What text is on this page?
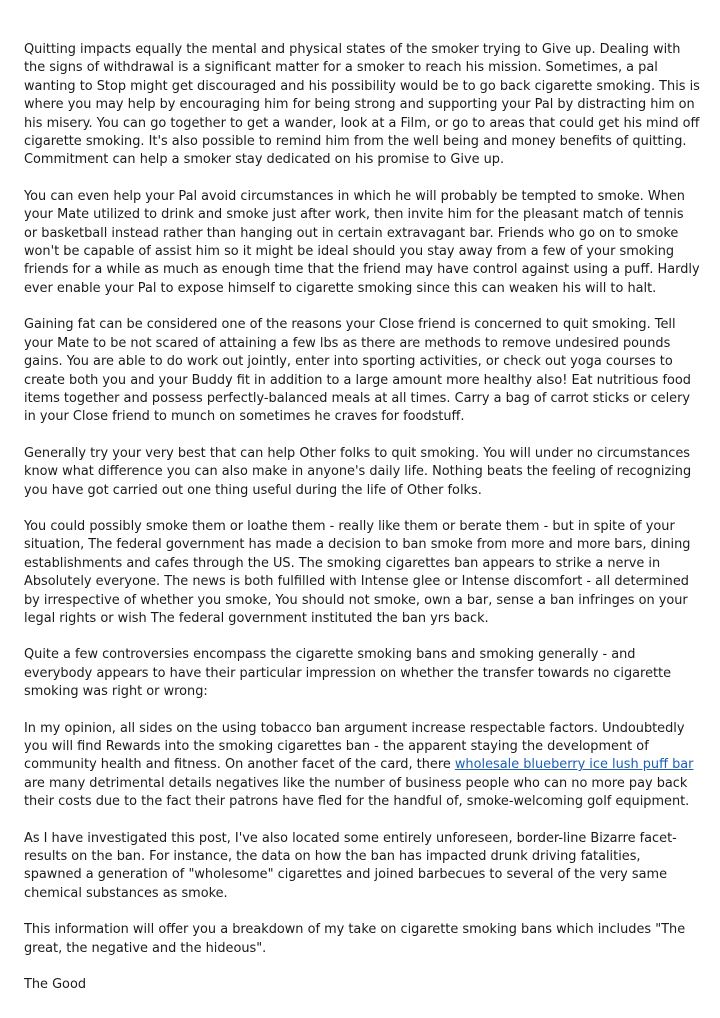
Quitting impacts equally the mental and physical states of the smoker trying to Give up. Dealing with the signs of withdrawal is a significant matter for a smoker to reach his mission. Sometimes, a pal wanting to Stop might get discouraged and his possibility would be to go back cigarette smoking. This is where you may help by encouraging him for being strong and supporting your Pal by distracting him on his misery. You can go together to get a wander, look at a Film, or go to areas that could get his mind off cigarette smoking. It's also possible to remind him from the well being and money benefits of quitting. Commitment can help a smoker stay dedicated on his promise to Give up.

You can even help your Pal avoid circumstances in which he will probably be tempted to smoke. When your Mate utilized to drink and smoke just after work, then invite him for the pleasant match of tennis or basketball instead rather than hanging out in certain extravagant bar. Friends who go on to smoke won't be capable of assist him so it might be ideal should you stay away from a few of your smoking friends for a while as much as enough time that the friend may have control against using a puff. Hardly ever enable your Pal to expose himself to cigarette smoking since this can weaken his will to halt.

Gaining fat can be considered one of the reasons your Close friend is concerned to quit smoking. Tell your Mate to be not scared of attaining a few lbs as there are methods to remove undesired pounds gains. You are able to do work out jointly, enter into sporting activities, or check out yoga courses to create both you and your Buddy fit in addition to a large amount more healthy also! Eat nutritious food items together and possess perfectly-balanced meals at all times. Carry a bag of carrot sticks or celery in your Close friend to munch on sometimes he craves for foodstuff.

Generally try your very best that can help Other folks to quit smoking. You will under no circumstances know what difference you can also make in anyone's daily life. Nothing beats the feeling of recognizing you have got carried out one thing useful during the life of Other folks.

You could possibly smoke them or loathe them - really like them or berate them - but in spite of your situation, The federal government has made a decision to ban smoke from more and more bars, dining establishments and cafes through the US. The smoking cigarettes ban appears to strike a nerve in Absolutely everyone. The news is both fulfilled with Intense glee or Intense discomfort - all determined by irrespective of whether you smoke, You should not smoke, own a bar, sense a ban infringes on your legal rights or wish The federal government instituted the ban yrs back.

Quite a few controversies encompass the cigarette smoking bans and smoking generally - and everybody appears to have their particular impression on whether the transfer towards no cigarette smoking was right or wrong:

In my opinion, all sides on the using tobacco ban argument increase respectable factors. Undoubtedly you will find Rewards into the smoking cigarettes ban - the apparent staying the development of community health and fitness. On another facet of the card, there wholesale blueberry ice lush puff bar are many detrimental details negatives like the number of business people who can no more pay back their costs due to the fact their patrons have fled for the handful of, smoke-welcoming golf equipment.

As I have investigated this post, I've also located some entirely unforeseen, border-line Bizarre facet-results on the ban. For instance, the data on how the ban has impacted drunk driving fatalities, spawned a generation of "wholesome" cigarettes and joined barbecues to several of the very same chemical substances as smoke.

This information will offer you a breakdown of my take on cigarette smoking bans which includes "The great, the negative and the hideous".

The Good
